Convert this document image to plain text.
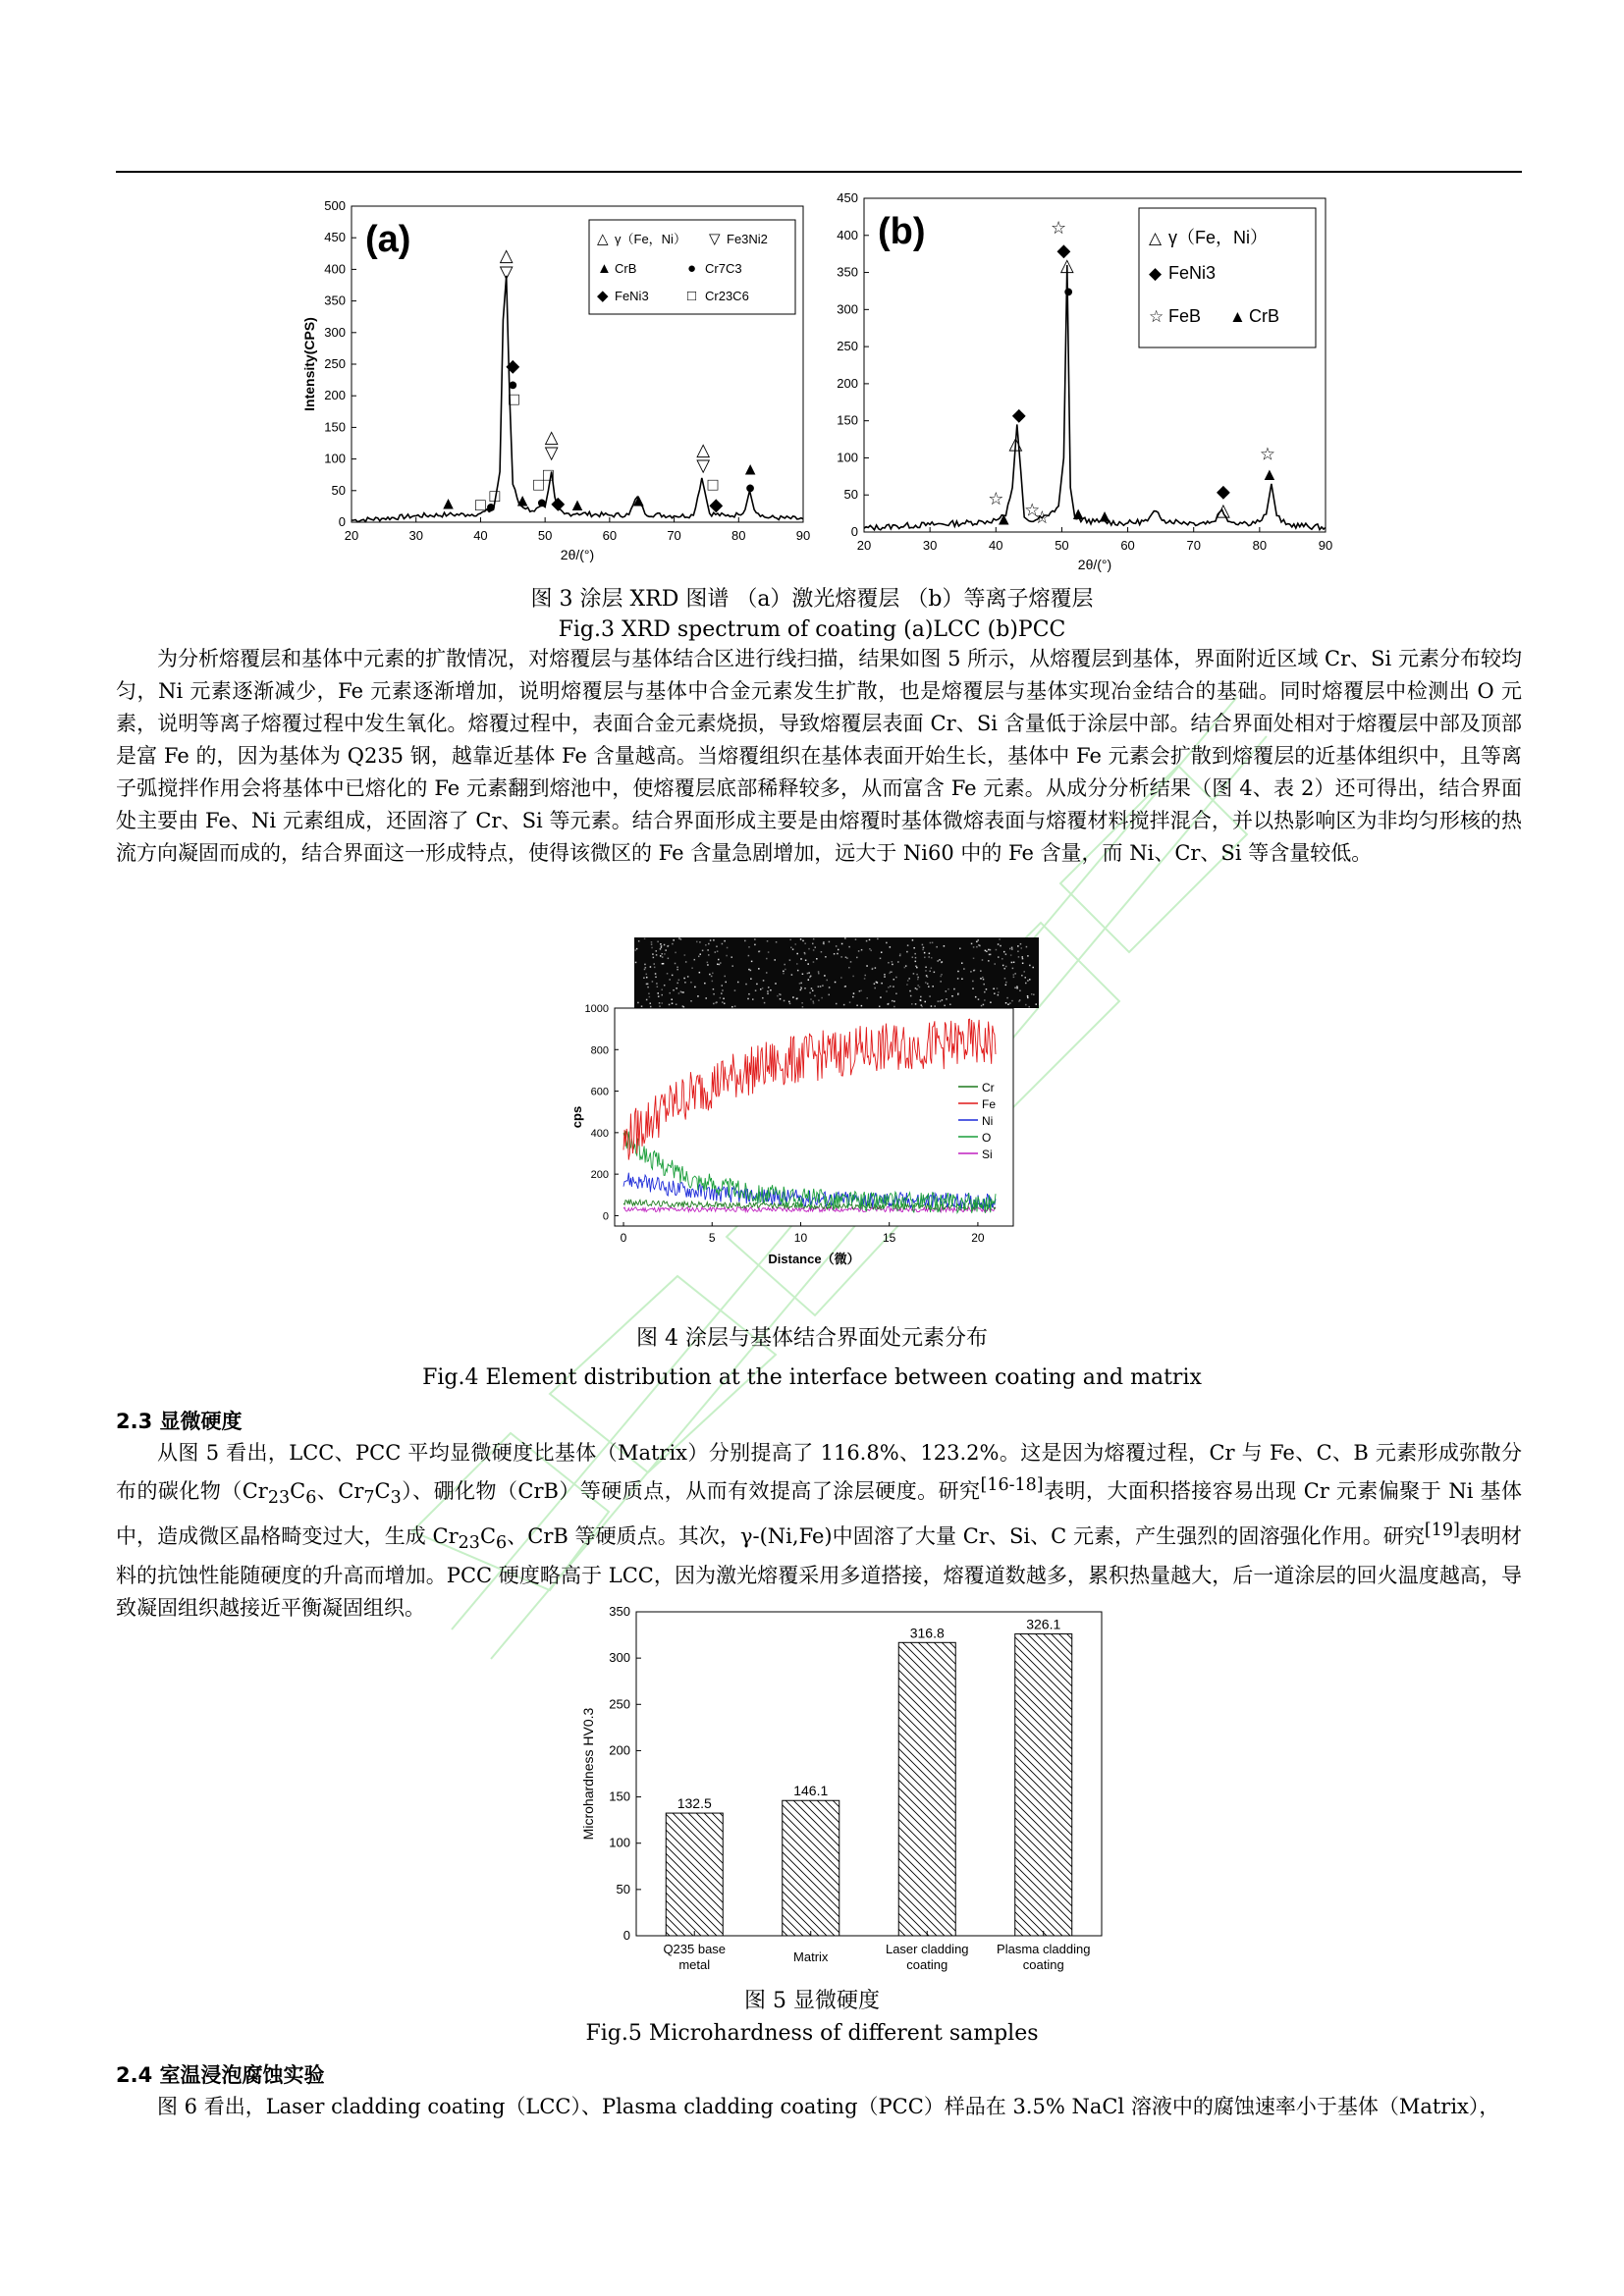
20	30	40	50	60	70	80	90
0
50
100
150
200
250
300
350
400
450
500
2θ/(°)
Intensity(CPS)
(a)
▲ □ ●
□
△
▽
◆
●
□
▲
□
●
□
△
▽
◆ ▲ ▲
△
▽
□
◆
▲
●
△ γ（Fe，Ni） ▽ Fe3Ni2
▲ CrB	● Cr7C3
◆ FeNi3	□ Cr23C6
20	30	40	50	60	70	80	90
0
50
100
150
200
250
300
350
400
450
2θ/(°)
(b)
☆
▲
△
◆
☆
☆
☆
◆
△
●
▲ ▲
◆
△
☆
▲
△ γ（Fe，Ni）
◆ FeNi3
☆ FeB ▲ CrB
图 3 涂层 XRD 图谱 （a）激光熔覆层 （b）等离子熔覆层
Fig.3 XRD spectrum of coating (a)LCC (b)PCC
为分析熔覆层和基体中元素的扩散情况，对熔覆层与基体结合区进行线扫描，结果如图 5 所示，从熔覆层到基体，界面附近区域 Cr、Si 元素分布较均匀，Ni 元素逐渐减少，Fe 元素逐渐增加，说明熔覆层与基体中合金元素发生扩散，也是熔覆层与基体实现冶金结合的基础。同时熔覆层中检测出 O 元素，说明等离子熔覆过程中发生氧化。熔覆过程中，表面合金元素烧损，导致熔覆层表面 Cr、Si 含量低于涂层中部。结合界面处相对于熔覆层中部及顶部是富 Fe 的，因为基体为 Q235 钢，越靠近基体 Fe 含量越高。当熔覆组织在基体表面开始生长，基体中 Fe 元素会扩散到熔覆层的近基体组织中，且等离子弧搅拌作用会将基体中已熔化的 Fe 元素翻到熔池中，使熔覆层底部稀释较多，从而富含 Fe 元素。从成分分析结果（图 4、表 2）还可得出，结合界面处主要由 Fe、Ni 元素组成，还固溶了 Cr、Si 等元素。结合界面形成主要是由熔覆时基体微熔表面与熔覆材料搅拌混合，并以热影响区为非均匀形核的热流方向凝固而成的，结合界面这一形成特点，使得该微区的 Fe 含量急剧增加，远大于 Ni60 中的 Fe 含量，而 Ni、Cr、Si 等含量较低。
0	5	10	15	20
0
200
400
600
800
1000
Distance（微）
cps
Cr
Fe
Ni
O
Si
图 4 涂层与基体结合界面处元素分布
Fig.4 Element distribution at the interface between coating and matrix
2.3 显微硬度
从图 5 看出，LCC、PCC 平均显微硬度比基体（Matrix）分别提高了 116.8%、123.2%。这是因为熔覆过程，Cr 与 Fe、C、B 元素形成弥散分布的碳化物（$Cr_{23}C_6$、$Cr_7C_3$）、硼化物（CrB）等硬质点，从而有效提高了涂层硬度。研究[16-18]表明，大面积搭接容易出现 Cr 元素偏聚于 Ni 基体中，造成微区晶格畸变过大，生成 $Cr_{23}C_6$、CrB 等硬质点。其次，γ-(Ni,Fe)中固溶了大量 Cr、Si、C 元素，产生强烈的固溶强化作用。研究[19]表明材料的抗蚀性能随硬度的升高而增加。PCC 硬度略高于 LCC，因为激光熔覆采用多道搭接，熔覆道数越多，累积热量越大，后一道涂层的回火温度越高，导致凝固组织越接近平衡凝固组织。
0
50
100
150
200
250
300
350
Microhardness HV0.3	132.5
Q235 base
metal
146.1
Matrix
316.8
Laser cladding
coating
326.1
Plasma cladding
coating
图 5 显微硬度
Fig.5 Microhardness of different samples
2.4 室温浸泡腐蚀实验
图 6 看出，Laser cladding coating（LCC）、Plasma cladding coating（PCC）样品在 3.5% NaCl 溶液中的腐蚀速率小于基体（Matrix），
